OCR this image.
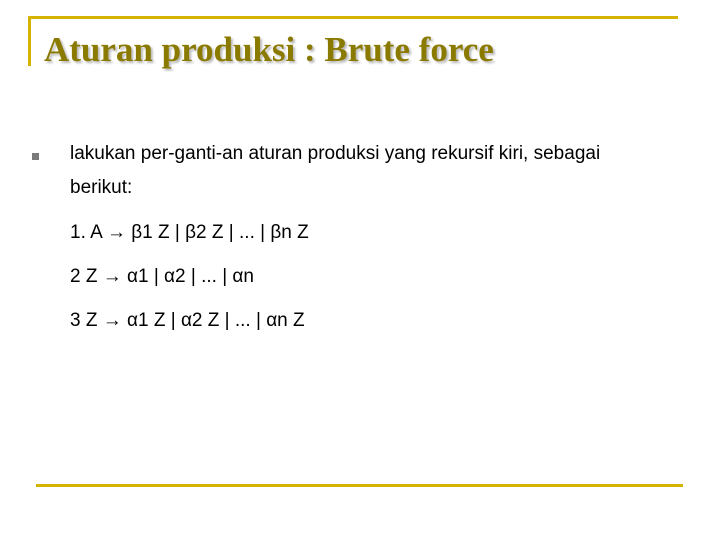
Aturan produksi : Brute force
lakukan per-ganti-an aturan produksi yang rekursif kiri, sebagai
berikut:
1. A → β1 Z | β2 Z | ... | βn Z
2 Z → α1 | α2 | ... | αn
3 Z → α1 Z | α2 Z | ... | αn Z
